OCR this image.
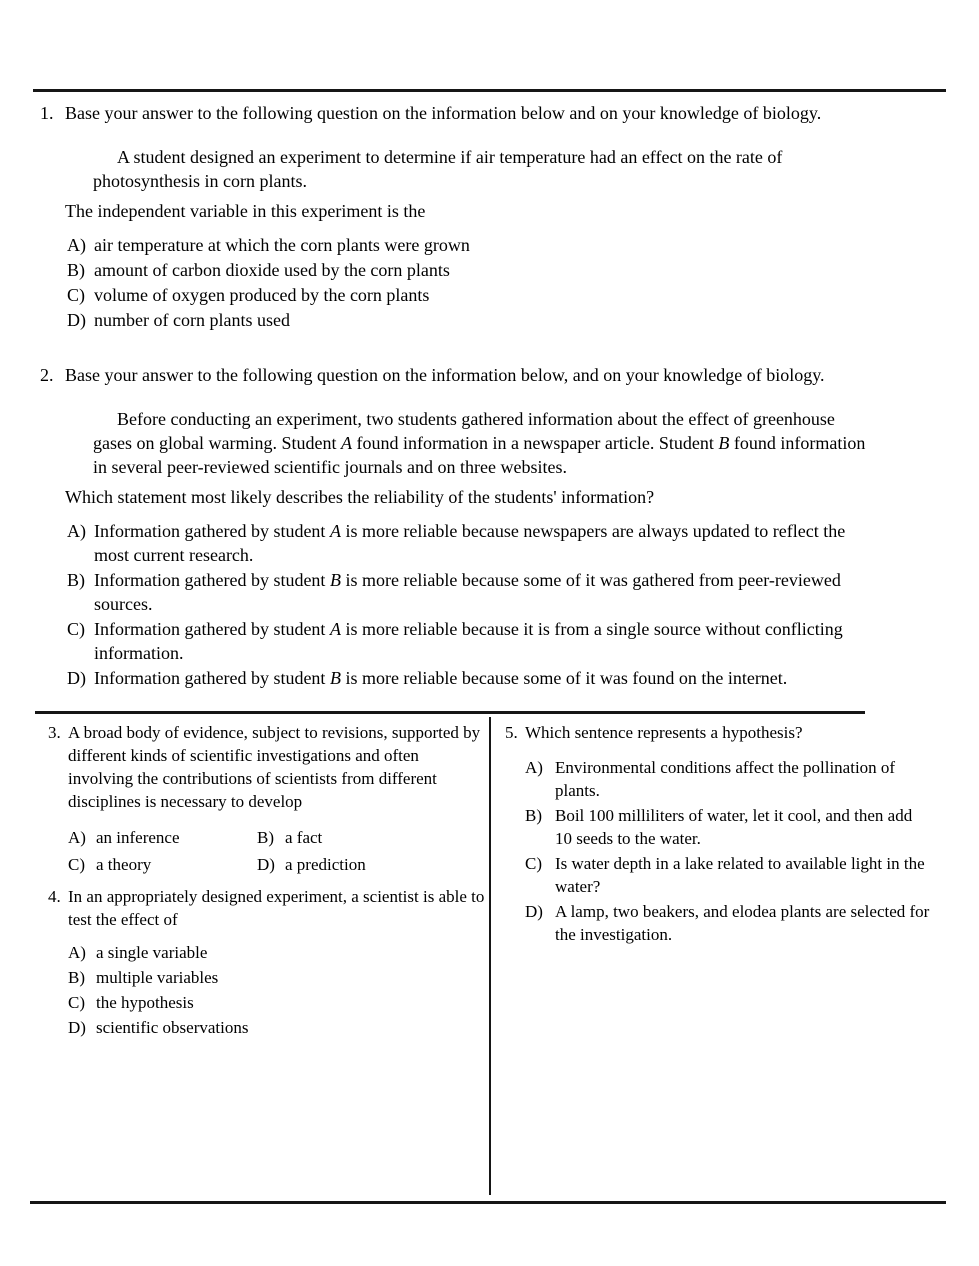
1. Base your answer to the following question on the information below and on your knowledge of biology.

A student designed an experiment to determine if air temperature had an effect on the rate of photosynthesis in corn plants.

The independent variable in this experiment is the

A) air temperature at which the corn plants were grown
B) amount of carbon dioxide used by the corn plants
C) volume of oxygen produced by the corn plants
D) number of corn plants used
2. Base your answer to the following question on the information below, and on your knowledge of biology.

Before conducting an experiment, two students gathered information about the effect of greenhouse gases on global warming. Student A found information in a newspaper article. Student B found information in several peer-reviewed scientific journals and on three websites.

Which statement most likely describes the reliability of the students' information?

A) Information gathered by student A is more reliable because newspapers are always updated to reflect the most current research.
B) Information gathered by student B is more reliable because some of it was gathered from peer-reviewed sources.
C) Information gathered by student A is more reliable because it is from a single source without conflicting information.
D) Information gathered by student B is more reliable because some of it was found on the internet.
3. A broad body of evidence, subject to revisions, supported by different kinds of scientific investigations and often involving the contributions of scientists from different disciplines is necessary to develop

A) an inference	B) a fact
C) a theory	D) a prediction
4. In an appropriately designed experiment, a scientist is able to test the effect of

A) a single variable
B) multiple variables
C) the hypothesis
D) scientific observations
5. Which sentence represents a hypothesis?

A) Environmental conditions affect the pollination of plants.
B) Boil 100 milliliters of water, let it cool, and then add 10 seeds to the water.
C) Is water depth in a lake related to available light in the water?
D) A lamp, two beakers, and elodea plants are selected for the investigation.
